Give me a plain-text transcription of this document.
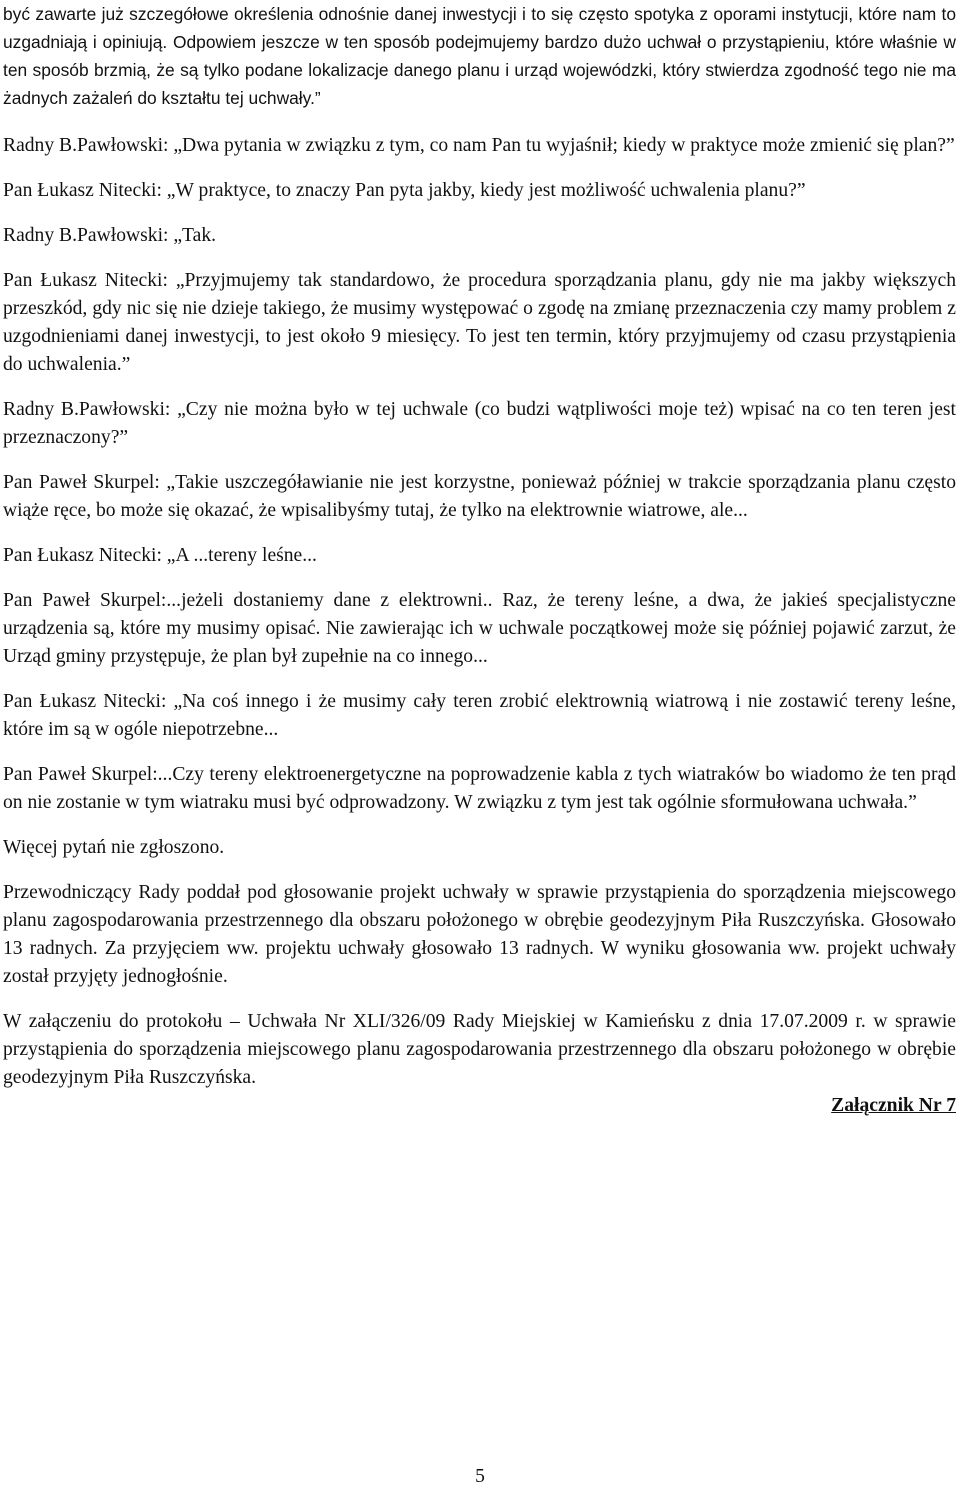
być zawarte już szczegółowe określenia odnośnie danej inwestycji i to się często spotyka z oporami instytucji, które nam to uzgadniają i opiniują. Odpowiem jeszcze w ten sposób podejmujemy bardzo dużo uchwał o przystąpieniu, które właśnie w ten sposób brzmią, że są tylko podane lokalizacje danego planu i urząd wojewódzki, który stwierdza zgodność tego nie ma żadnych zażaleń do kształtu tej uchwały.”

Radny B.Pawłowski: „Dwa pytania w związku z tym, co nam Pan tu wyjaśnił; kiedy w praktyce może zmienić się plan?”

Pan Łukasz Nitecki: „W praktyce, to znaczy Pan pyta jakby, kiedy jest możliwość uchwalenia planu?”

Radny B.Pawłowski: „Tak.

Pan Łukasz Nitecki: „Przyjmujemy tak standardowo, że procedura sporządzania planu, gdy nie ma jakby większych przeszkód, gdy nic się nie dzieje takiego, że musimy występować o zgodę na zmianę przeznaczenia czy mamy problem z uzgodnieniami danej inwestycji, to jest około 9 miesięcy. To jest ten termin, który przyjmujemy od czasu przystąpienia do uchwalenia.”

Radny B.Pawłowski: „Czy nie można było w tej uchwale (co budzi wątpliwości moje też) wpisać na co ten teren jest przeznaczony?”

Pan Paweł Skurpel: „Takie uszczegóławianie nie jest korzystne, ponieważ później w trakcie sporządzania planu często wiąże ręce, bo może się okazać, że wpisalibyśmy tutaj, że tylko na elektrownie wiatrowe, ale...

Pan Łukasz Nitecki: „A ...tereny leśne...

Pan Paweł Skurpel:...jeżeli dostaniemy dane z elektrowni.. Raz, że tereny leśne, a dwa, że jakieś specjalistyczne urządzenia są, które my musimy opisać. Nie zawierając ich w uchwale początkowej może się później pojawić zarzut, że Urząd gminy przystępuje, że plan był zupełnie na co innego...

Pan Łukasz Nitecki: „Na coś innego i że musimy cały teren zrobić elektrownią wiatrową i nie zostawić tereny leśne, które im są w ogóle niepotrzebne...

Pan Paweł Skurpel:...Czy tereny elektroenergetyczne na poprowadzenie kabla z tych wiatraków bo wiadomo że ten prąd on nie zostanie w tym wiatraku musi być odprowadzony. W związku z tym jest tak ogólnie sformułowana uchwała.”

Więcej pytań nie zgłoszono.

Przewodniczący Rady poddał pod głosowanie projekt uchwały w sprawie przystąpienia do sporządzenia miejscowego planu zagospodarowania przestrzennego dla obszaru położonego w obrębie geodezyjnym Piła Ruszczyńska. Głosowało 13 radnych. Za przyjęciem ww. projektu uchwały głosowało 13 radnych. W wyniku głosowania ww. projekt uchwały został przyjęty jednogłośnie.

W załączeniu do protokołu – Uchwała Nr XLI/326/09 Rady Miejskiej w Kamieńsku z dnia 17.07.2009 r. w sprawie przystąpienia do sporządzenia miejscowego planu zagospodarowania przestrzennego dla obszaru położonego w obrębie geodezyjnym Piła Ruszczyńska.

Załącznik Nr 7

5
